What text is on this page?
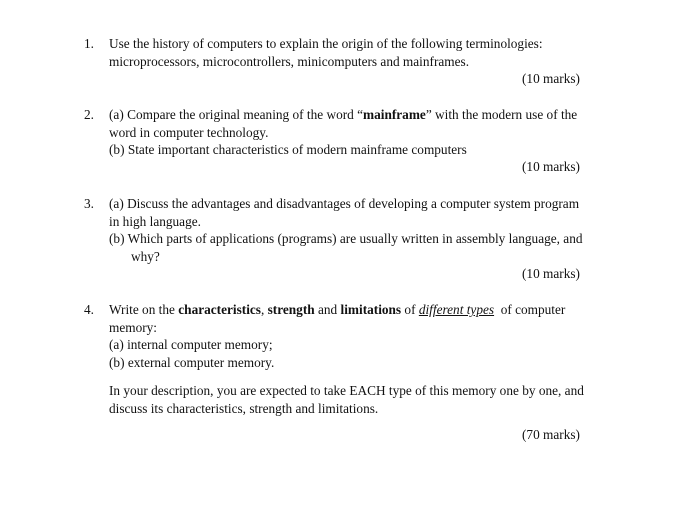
1.	Use the history of computers to explain the origin of the following terminologies:
microprocessors, microcontrollers, minicomputers and mainframes.
(10 marks)
2.	(a) Compare the original meaning of the word “mainframe” with the modern use of the
word in computer technology.
(b) State important characteristics of modern mainframe computers
(10 marks)
3.	(a) Discuss the advantages and disadvantages of developing a computer system program
in high language.
(b) Which parts of applications (programs) are usually written in assembly language, and
why?
(10 marks)
4.	Write on the characteristics, strength and limitations of different types  of computer
memory:
(a) internal computer memory;
(b) external computer memory.
In your description, you are expected to take EACH type of this memory one by one, and
discuss its characteristics, strength and limitations.
(70 marks)
